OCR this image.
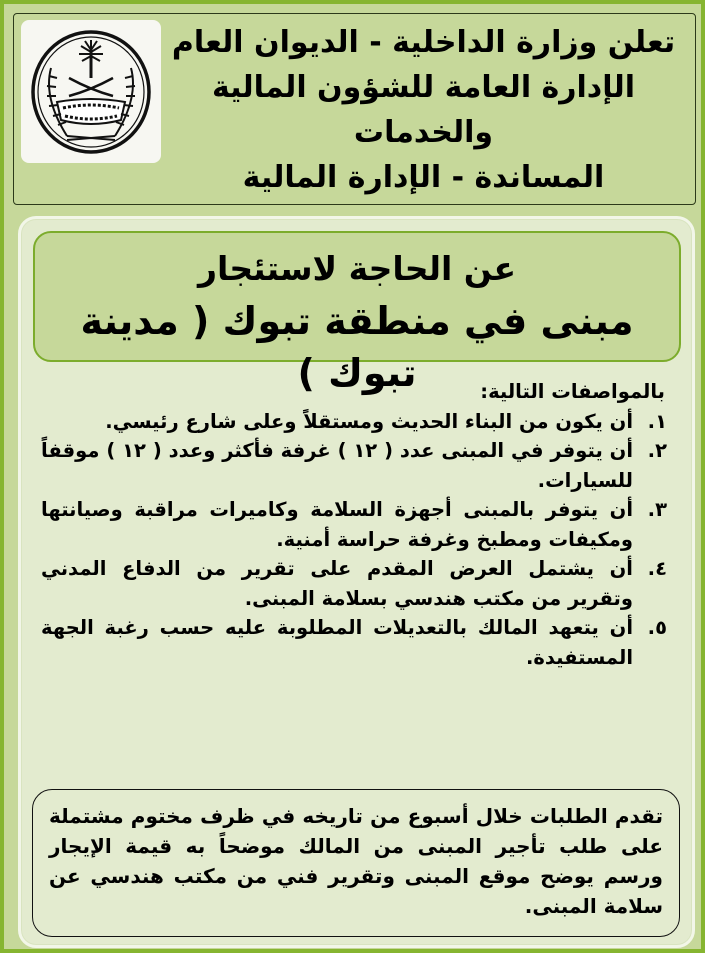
تعلن وزارة الداخلية - الديوان العام
الإدارة العامة للشؤون المالية والخدمات
المساندة - الإدارة المالية
عن الحاجة لاستئجار
مبنى في منطقة تبوك ( مدينة تبوك )	بالمواصفات التالية:
١.
أن يكون من البناء الحديث ومستقلاً وعلى شارع رئيسي.
٢.
أن يتوفر في المبنى عدد ( ١٢ ) غرفة فأكثر وعدد ( ١٢ ) موقفاً للسيارات.
٣.
أن يتوفر بالمبنى أجهزة السلامة وكاميرات مراقبة وصيانتها ومكيفات ومطبخ وغرفة حراسة أمنية.
٤.
أن يشتمل العرض المقدم على تقرير من الدفاع المدني وتقرير من مكتب هندسي بسلامة المبنى.
٥.
أن يتعهد المالك بالتعديلات المطلوبة عليه حسب رغبة الجهة المستفيدة.
تقدم الطلبات خلال أسبوع من تاريخه في ظرف مختوم مشتملة على طلب تأجير المبنى من المالك موضحاً به قيمة الإيجار ورسم يوضح موقع المبنى وتقرير فني من مكتب هندسي عن سلامة المبنى.
